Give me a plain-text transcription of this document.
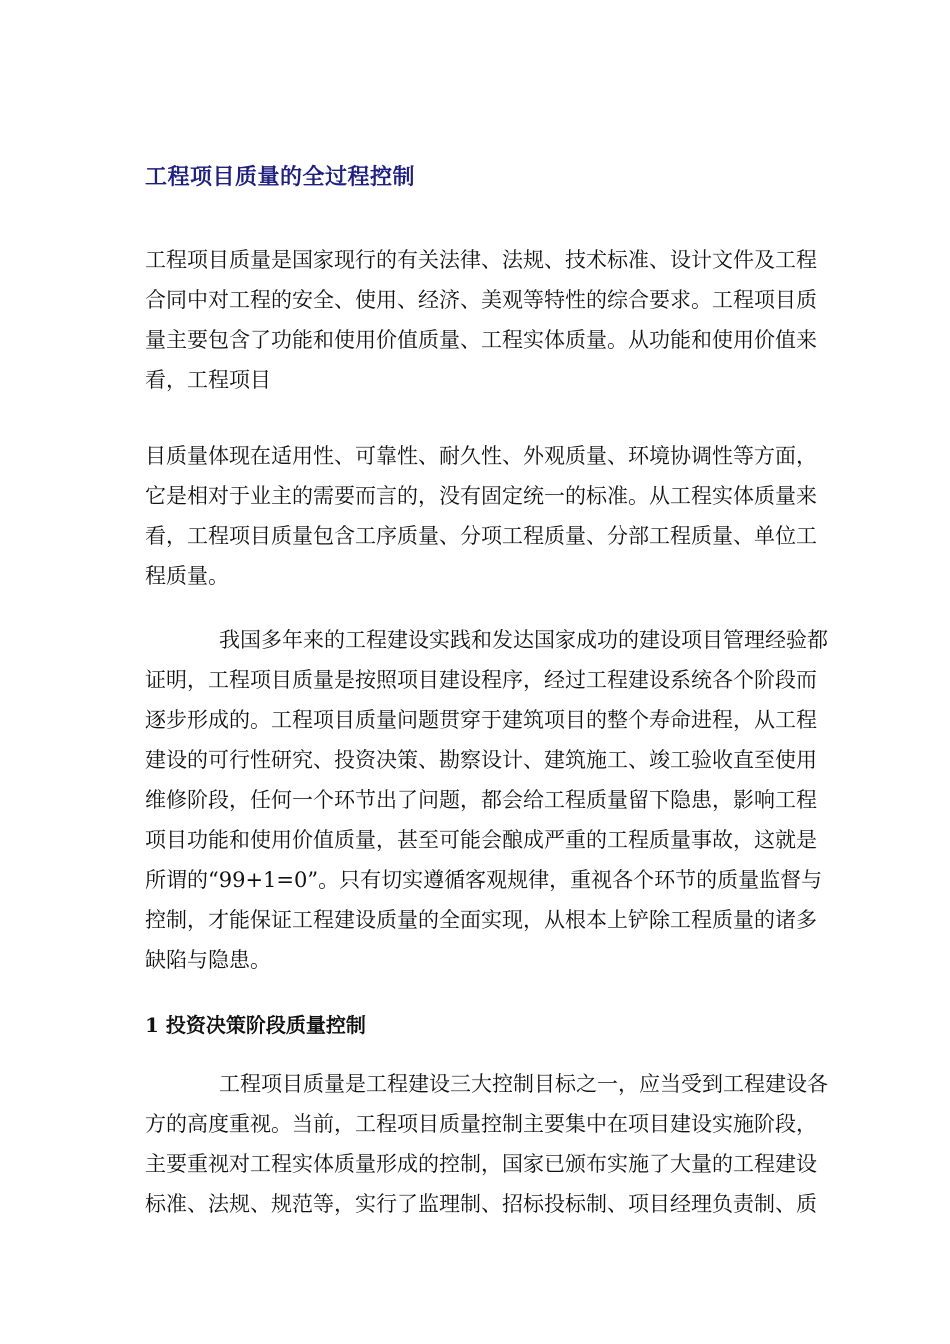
工程项目质量的全过程控制
工程项目质量是国家现行的有关法律、法规、技术标准、设计文件及工程
合同中对工程的安全、使用、经济、美观等特性的综合要求。工程项目质
量主要包含了功能和使用价值质量、工程实体质量。从功能和使用价值来
看，工程项目
目质量体现在适用性、可靠性、耐久性、外观质量、环境协调性等方面，
它是相对于业主的需要而言的，没有固定统一的标准。从工程实体质量来
看，工程项目质量包含工序质量、分项工程质量、分部工程质量、单位工
程质量。
我国多年来的工程建设实践和发达国家成功的建设项目管理经验都
证明，工程项目质量是按照项目建设程序，经过工程建设系统各个阶段而
逐步形成的。工程项目质量问题贯穿于建筑项目的整个寿命进程，从工程
建设的可行性研究、投资决策、勘察设计、建筑施工、竣工验收直至使用
维修阶段，任何一个环节出了问题，都会给工程质量留下隐患，影响工程
项目功能和使用价值质量，甚至可能会酿成严重的工程质量事故，这就是
所谓的“99+1=0”。只有切实遵循客观规律，重视各个环节的质量监督与
控制，才能保证工程建设质量的全面实现，从根本上铲除工程质量的诸多
缺陷与隐患。
1 投资决策阶段质量控制
工程项目质量是工程建设三大控制目标之一，应当受到工程建设各
方的高度重视。当前，工程项目质量控制主要集中在项目建设实施阶段，
主要重视对工程实体质量形成的控制，国家已颁布实施了大量的工程建设
标准、法规、规范等，实行了监理制、招标投标制、项目经理负责制、质
